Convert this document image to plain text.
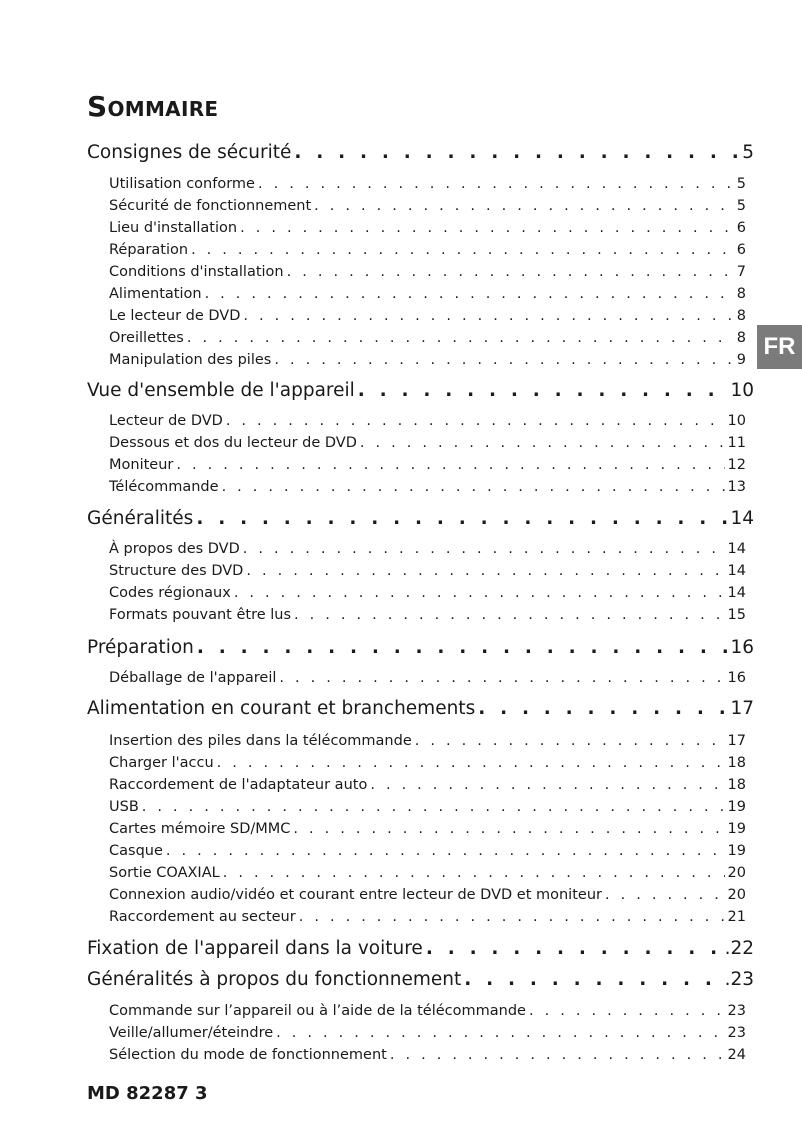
Sommaire
Consignes de sécurité . . .	5
Utilisation conforme . . .	5
Sécurité de fonctionnement . . .	5
Lieu d'installation . . .	6
Réparation . . .	6
Conditions d'installation . . .	7
Alimentation . . .	8
Le lecteur de DVD . . .	8
Oreillettes . . .	8
Manipulation des piles . . .	9
Vue d'ensemble de l'appareil . . .	10
Lecteur de DVD . . .	10
Dessous et dos du lecteur de DVD . . .	11
Moniteur . . .	12
Télécommande . . .	13
Généralités . . .	14
À propos des DVD . . .	14
Structure des DVD . . .	14
Codes régionaux . . .	14
Formats pouvant être lus . . .	15
Préparation . . .	16
Déballage de l'appareil . . .	16
Alimentation en courant et branchements . . .	17
Insertion des piles dans la télécommande . . .	17
Charger l'accu . . .	18
Raccordement de l'adaptateur auto . . .	18
USB . . .	19
Cartes mémoire SD/MMC . . .	19
Casque . . .	19
Sortie COAXIAL . . .	20
Connexion audio/vidéo et courant entre lecteur de DVD et moniteur . . .	20
Raccordement au secteur . . .	21
Fixation de l'appareil dans la voiture . . .	.22
Généralités à propos du fonctionnement . . .	.23
Commande sur l’appareil ou à l’aide de la télécommande . . .	23
Veille/allumer/éteindre . . .	23
Sélection du mode de fonctionnement . . .	24
FR
MD 82287 3
